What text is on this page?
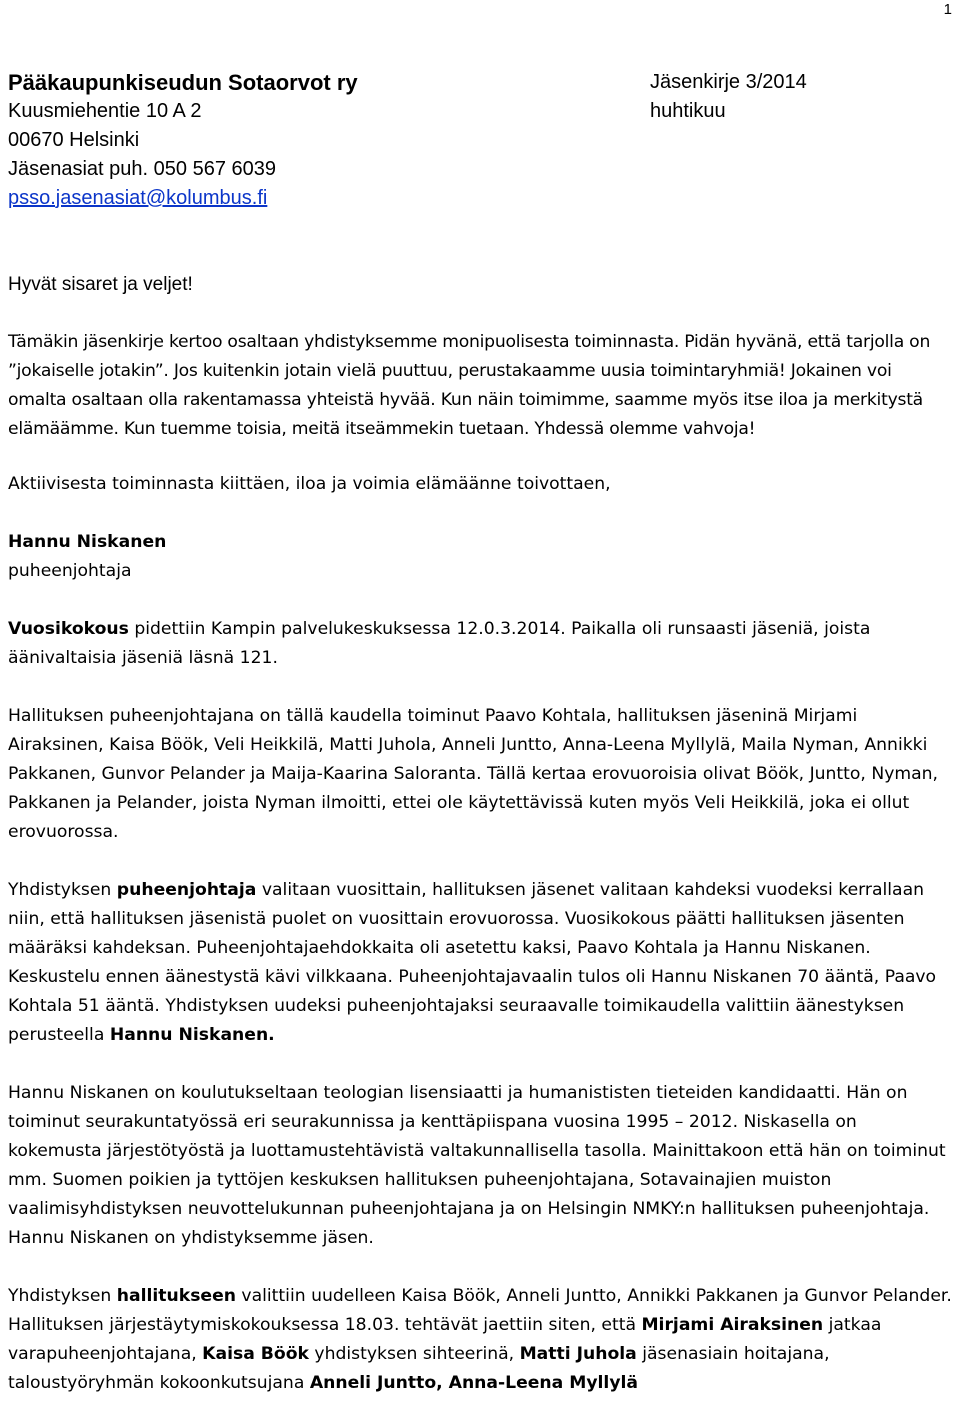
1
Pääkaupunkiseudun Sotaorvot ry
Kuusmiehentie 10 A 2
00670 Helsinki
Jäsenasiat puh. 050 567 6039
psso.jasenasiat@kolumbus.fi
Jäsenkirje 3/2014
huhtikuu

Hyvät sisaret ja veljet!

Tämäkin jäsenkirje kertoo osaltaan yhdistyksemme monipuolisesta toiminnasta. Pidän hyvänä, että tarjolla on ”jokaiselle jotakin”. Jos kuitenkin jotain vielä puuttuu, perustakaamme uusia toimintaryhmiä! Jokainen voi omalta osaltaan olla rakentamassa yhteistä hyvää. Kun näin toimimme, saamme myös itse iloa ja merkitystä elämäämme. Kun tuemme toisia, meitä itseämmekin tuetaan. Yhdessä olemme vahvoja!

Aktiivisesta toiminnasta kiittäen, iloa ja voimia elämäänne toivottaen,

Hannu Niskanen
puheenjohtaja

Vuosikokous pidettiin Kampin palvelukeskuksessa 12.0.3.2014. Paikalla oli runsaasti jäseniä, joista äänivaltaisia jäseniä läsnä 121.

Hallituksen puheenjohtajana on tällä kaudella toiminut Paavo Kohtala, hallituksen jäseninä Mirjami Airaksinen, Kaisa Böök, Veli Heikkilä, Matti Juhola, Anneli Juntto, Anna-Leena Myllylä, Maila Nyman, Annikki Pakkanen, Gunvor Pelander ja Maija-Kaarina Saloranta. Tällä kertaa erovuoroisia olivat Böök, Juntto, Nyman, Pakkanen ja Pelander, joista Nyman ilmoitti, ettei ole käytettävissä kuten myös Veli Heikkilä, joka ei ollut erovuorossa.

Yhdistyksen puheenjohtaja valitaan vuosittain, hallituksen jäsenet valitaan kahdeksi vuodeksi kerrallaan niin, että hallituksen jäsenistä puolet on vuosittain erovuorossa. Vuosikokous päätti hallituksen jäsenten määräksi kahdeksan. Puheenjohtajaehdokkaita oli asetettu kaksi, Paavo Kohtala ja Hannu Niskanen. Keskustelu ennen äänestystä kävi vilkkaana. Puheenjohtajavaalin tulos oli Hannu Niskanen 70 ääntä, Paavo Kohtala 51 ääntä. Yhdistyksen uudeksi puheenjohtajaksi seuraavalle toimikaudella valittiin äänestyksen perusteella Hannu Niskanen.

Hannu Niskanen on koulutukseltaan teologian lisensiaatti ja humanististen tieteiden kandidaatti. Hän on toiminut seurakuntatyössä eri seurakunnissa ja kenttäpiispana vuosina 1995 – 2012. Niskasella on kokemusta järjestötyöstä ja luottamustehtävistä valtakunnallisella tasolla. Mainittakoon että hän on toiminut mm. Suomen poikien ja tyttöjen keskuksen hallituksen puheenjohtajana, Sotavainajien muiston vaalimisyhdistyksen neuvottelukunnan puheenjohtajana ja on Helsingin NMKY:n hallituksen puheenjohtaja. Hannu Niskanen on yhdistyksemme jäsen.

Yhdistyksen hallitukseen valittiin uudelleen Kaisa Böök, Anneli Juntto, Annikki Pakkanen ja Gunvor Pelander. Hallituksen järjestäytymiskokouksessa 18.03. tehtävät jaettiin siten, että Mirjami Airaksinen jatkaa varapuheenjohtajana, Kaisa Böök yhdistyksen sihteerinä, Matti Juhola jäsenasiain hoitajana, taloustyöryhmän kokoonkutsujana Anneli Juntto, Anna-Leena Myllylä
